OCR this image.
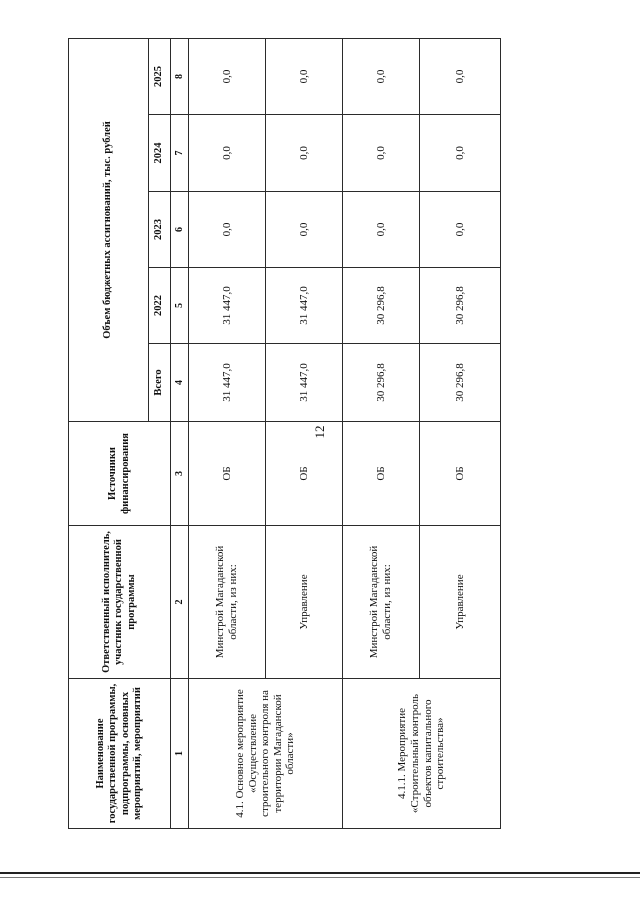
12
Наименование государственной программы, подпрограммы, основных мероприятий, мероприятий	Ответственный исполнитель, участник государственной программы	Источники финансирования	Объем бюджетных ассигнований, тыс. рублей				
			Всего	2022	2023	2024	2025
1	2	3	4	5	6	7	8
4.1. Основное мероприятие «Осуществление строительного контроля на территории Магаданской области»	Минстрой Магаданской области, из них:	ОБ	31 447,0	31 447,0	0,0	0,0	0,0
	Управление	ОБ	31 447,0	31 447,0	0,0	0,0	0,0
4.1.1. Мероприятие «Строительный контроль объектов капитального строительства»	Минстрой Магаданской области, из них:	ОБ	30 296,8	30 296,8	0,0	0,0	0,0
	Управление	ОБ	30 296,8	30 296,8	0,0	0,0	0,0
